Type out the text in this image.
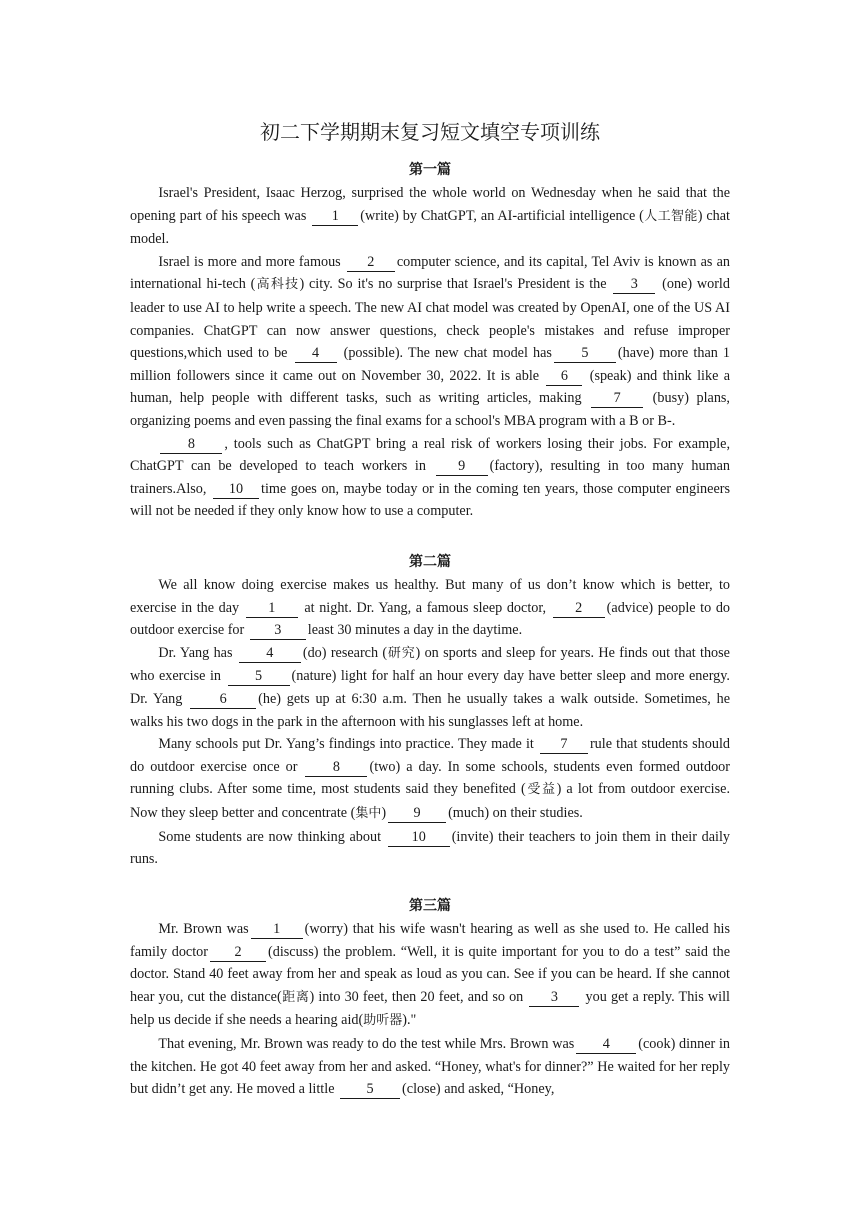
初二下学期期末复习短文填空专项训练
第一篇

Israel's President, Isaac Herzog, surprised the whole world on Wednesday when he said that the opening part of his speech was 1 (write) by ChatGPT, an AI-artificial intelligence (人工智能) chat model.

Israel is more and more famous 2 computer science, and its capital, Tel Aviv is known as an international hi-tech (高科技) city. So it's no surprise that Israel's President is the 3 (one) world leader to use AI to help write a speech. The new AI chat model was created by OpenAI, one of the US AI companies. ChatGPT can now answer questions, check people's mistakes and refuse improper questions,which used to be 4 (possible). The new chat model has 5 (have) more than 1 million followers since it came out on November 30, 2022. It is able 6 (speak) and think like a human, help people with different tasks, such as writing articles, making 7 (busy) plans, organizing poems and even passing the final exams for a school's MBA program with a B or B-.

8 , tools such as ChatGPT bring a real risk of workers losing their jobs. For example, ChatGPT can be developed to teach workers in 9 (factory), resulting in too many human trainers.Also, 10 time goes on, maybe today or in the coming ten years, those computer engineers will not be needed if they only know how to use a computer.

第二篇

We all know doing exercise makes us healthy. But many of us don’t know which is better, to exercise in the day 1 at night. Dr. Yang, a famous sleep doctor, 2 (advice) people to do outdoor exercise for 3 least 30 minutes a day in the daytime.

Dr. Yang has 4 (do) research (研究) on sports and sleep for years. He finds out that those who exercise in 5 (nature) light for half an hour every day have better sleep and more energy. Dr. Yang 6 (he) gets up at 6:30 a.m. Then he usually takes a walk outside. Sometimes, he walks his two dogs in the park in the afternoon with his sunglasses left at home.

Many schools put Dr. Yang’s findings into practice. They made it 7 rule that students should do outdoor exercise once or 8 (two) a day. In some schools, students even formed outdoor running clubs. After some time, most students said they benefited (受益) a lot from outdoor exercise. Now they sleep better and concentrate (集中) 9 (much) on their studies.

Some students are now thinking about 10 (invite) their teachers to join them in their daily runs.

第三篇

Mr. Brown was 1 (worry) that his wife wasn't hearing as well as she used to. He called his family doctor 2 (discuss) the problem. “Well, it is quite important for you to do a test” said the doctor. Stand 40 feet away from her and speak as loud as you can. See if you can be heard. If she cannot hear you, cut the distance(距离) into 30 feet, then 20 feet, and so on 3 you get a reply. This will help us decide if she needs a hearing aid(助听器)."

That evening, Mr. Brown was ready to do the test while Mrs. Brown was 4 (cook) dinner in the kitchen. He got 40 feet away from her and asked. “Honey, what's for dinner?” He waited for her reply but didn’t get any. He moved a little 5 (close) and asked, “Honey,
